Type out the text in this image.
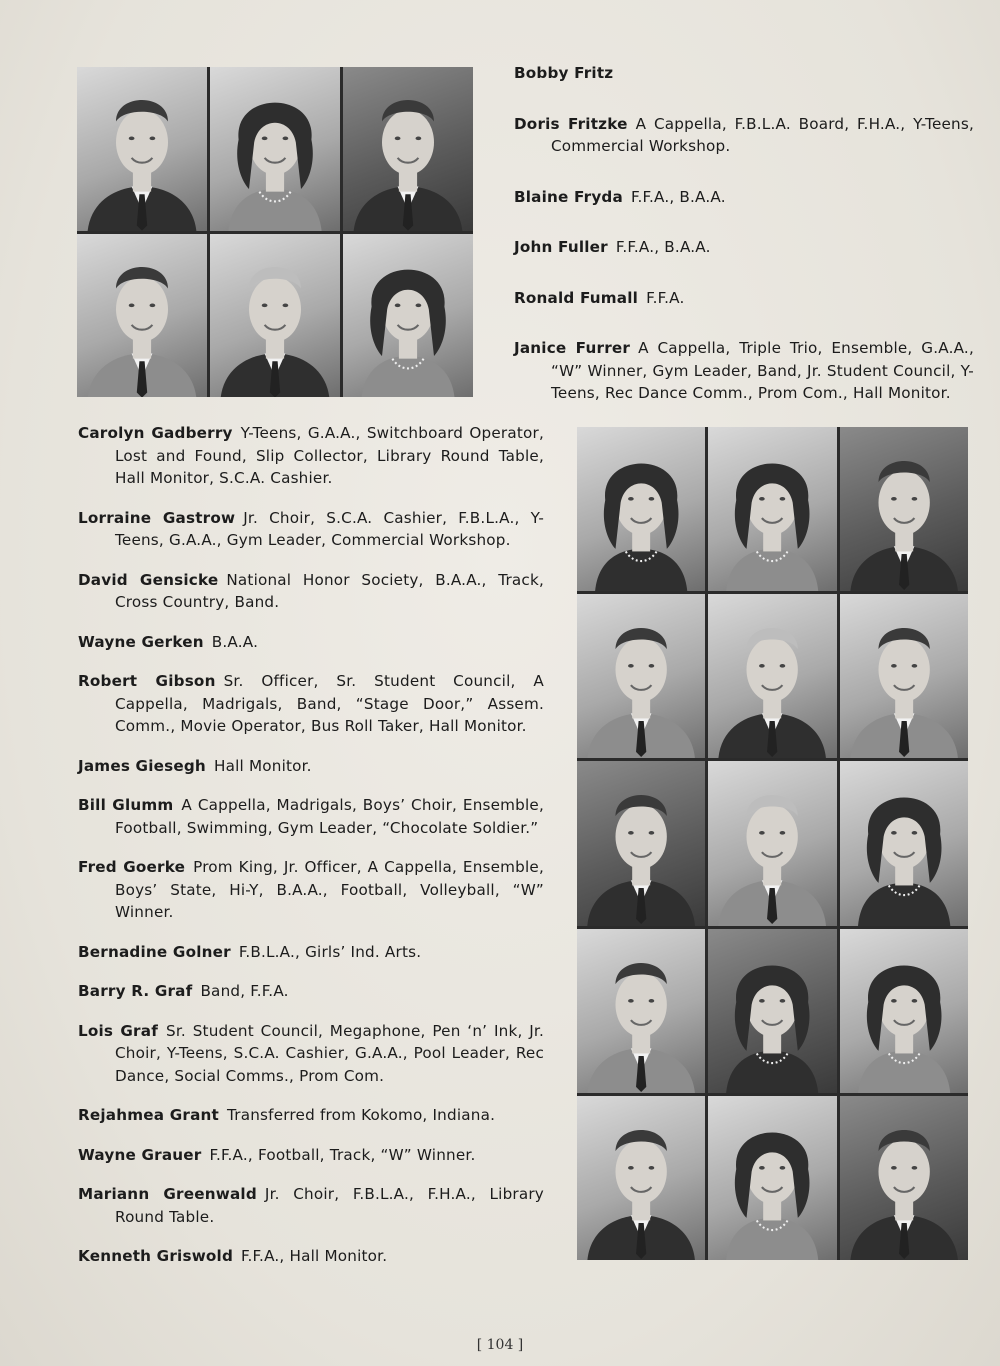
Bobby Fritz

Doris Fritzke A Cappella, F.B.L.A. Board, F.H.A., Y-Teens, Commercial Workshop.

Blaine Fryda F.F.A., B.A.A.

John Fuller F.F.A., B.A.A.

Ronald Fumall F.F.A.

Janice Furrer A Cappella, Triple Trio, Ensemble, G.A.A., “W” Winner, Gym Leader, Band, Jr. Student Council, Y-Teens, Rec Dance Comm., Prom Com., Hall Monitor.

Carolyn Gadberry Y-Teens, G.A.A., Switchboard Operator, Lost and Found, Slip Collector, Library Round Table, Hall Monitor, S.C.A. Cashier.

Lorraine Gastrow Jr. Choir, S.C.A. Cashier, F.B.L.A., Y-Teens, G.A.A., Gym Leader, Commercial Workshop.

David Gensicke National Honor Society, B.A.A., Track, Cross Country, Band.

Wayne Gerken B.A.A.

Robert Gibson Sr. Officer, Sr. Student Council, A Cappella, Madrigals, Band, “Stage Door,” Assem. Comm., Movie Operator, Bus Roll Taker, Hall Monitor.

James Giesegh Hall Monitor.

Bill Glumm A Cappella, Madrigals, Boys’ Choir, Ensemble, Football, Swimming, Gym Leader, “Chocolate Soldier.”

Fred Goerke Prom King, Jr. Officer, A Cappella, Ensemble, Boys’ State, Hi-Y, B.A.A., Football, Volleyball, “W” Winner.

Bernadine Golner F.B.L.A., Girls’ Ind. Arts.

Barry R. Graf Band, F.F.A.

Lois Graf Sr. Student Council, Megaphone, Pen ‘n’ Ink, Jr. Choir, Y-Teens, S.C.A. Cashier, G.A.A., Pool Leader, Rec Dance, Social Comms., Prom Com.

Rejahmea Grant Transferred from Kokomo, Indiana.

Wayne Grauer F.F.A., Football, Track, “W” Winner.

Mariann Greenwald Jr. Choir, F.B.L.A., F.H.A., Library Round Table.

Kenneth Griswold F.F.A., Hall Monitor.

[ 104 ]
